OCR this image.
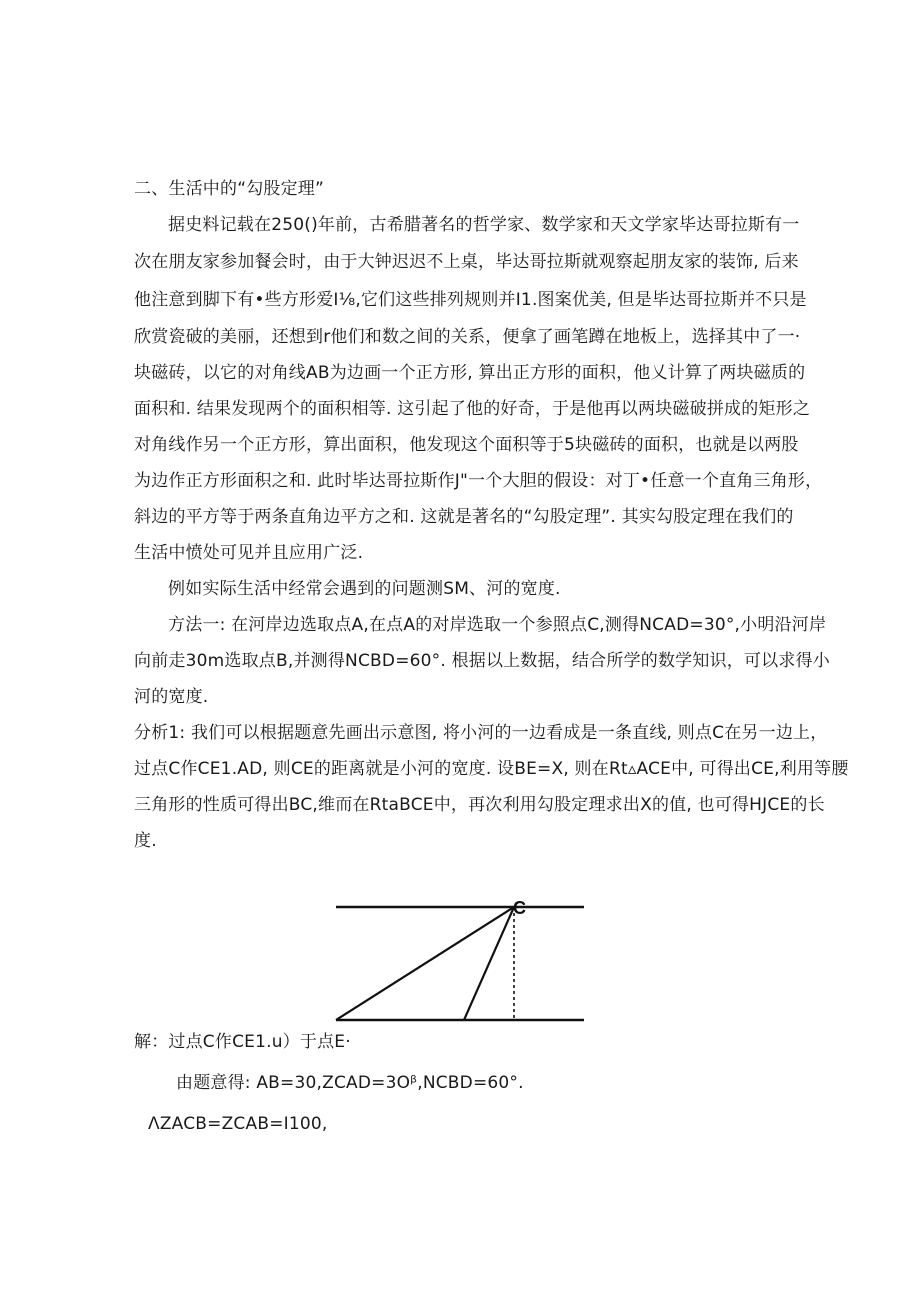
二、生活中的“勾股定理”
据史料记载在250()年前，古希腊著名的哲学家、数学家和天文学家毕达哥拉斯有一
次在朋友家参加餐会时，由于大钟迟迟不上桌，毕达哥拉斯就观察起朋友家的装饰, 后来
他注意到脚下有•些方形爱I⅛,它们这些排列规则并I1.图案优美, 但是毕达哥拉斯并不只是
欣赏瓷破的美丽，还想到r他们和数之间的关系，便拿了画笔蹲在地板上，选择其中了一·
块磁砖，以它的对角线AB为边画一个正方形, 算出正方形的面积，他乂计算了两块磁质的
面积和. 结果发现两个的面积相等. 这引起了他的好奇，于是他再以两块磁破拼成的矩形之
对角线作另一个正方形，算出面积，他发现这个面积等于5块磁砖的面积，也就是以两股
为边作正方形面积之和. 此时毕达哥拉斯作J"一个大胆的假设：对丁•任意一个直角三角形，
斜边的平方等于两条直角边平方之和. 这就是著名的“勾股定理”. 其实勾股定理在我们的
生活中愤处可见并且应用广泛.
例如实际生活中经常会遇到的问题测SM、河的宽度.
方法一: 在河岸边选取点A,在点A的对岸选取一个参照点C,测得NCAD=30°,小明沿河岸
向前走30m选取点B,并测得NCBD=60°. 根据以上数据，结合所学的数学知识，可以求得小
河的宽度.
分析1: 我们可以根据题意先画出示意图, 将小河的一边看成是一条直线, 则点C在另一边上，
过点C作CE1.AD, 则CE的距离就是小河的宽度. 设BE=X, 则在Rt▵ACE中, 可得出CE,利用等腰
三角形的性质可得出BC,维而在RtaBCE中，再次利用勾股定理求出X的值, 也可得HJCE的长
度.
C
解：过点C作CE1.u）于点E·
由题意得: AB=30,ZCAD=3Oᵝ,NCBD=60°.
ΛZACB=ZCAB=I100,
